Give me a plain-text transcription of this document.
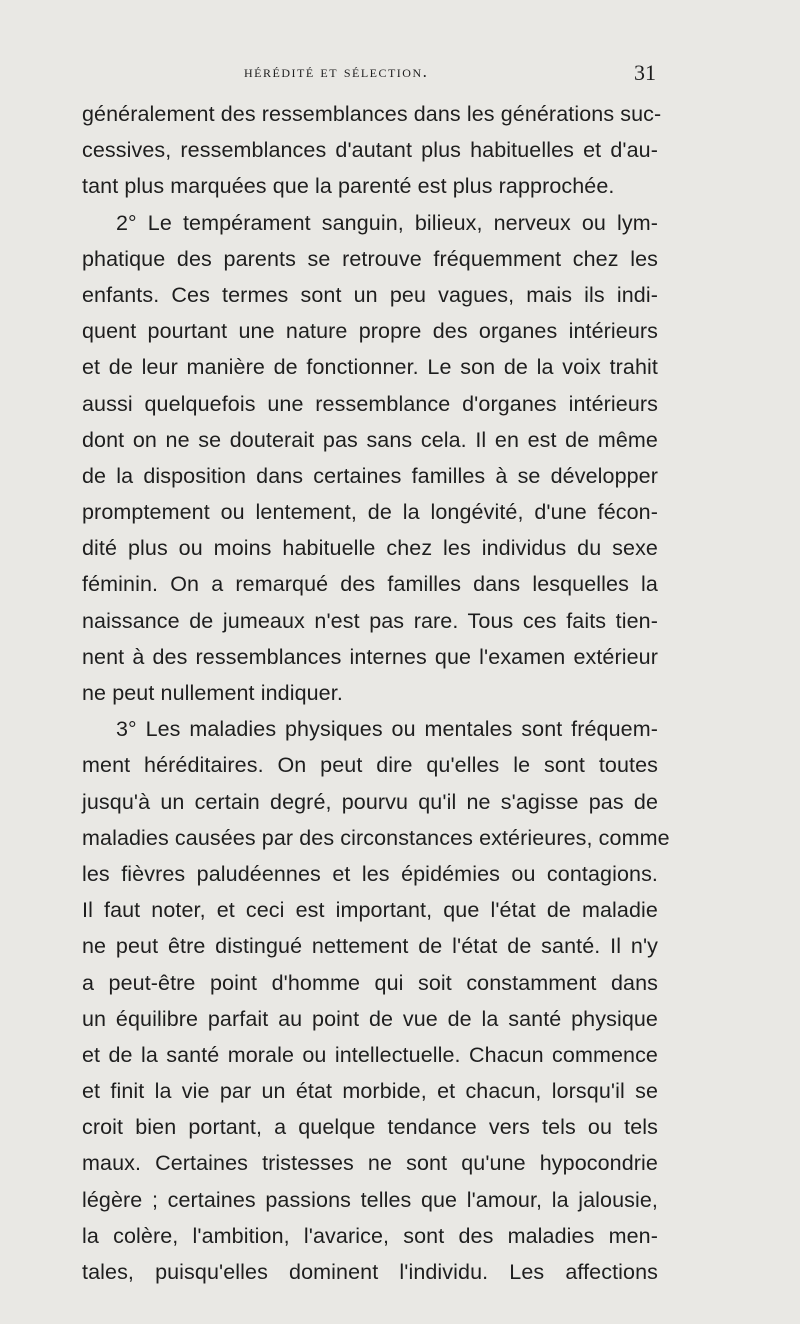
hérédité et sélection.	31
généralement des ressemblances dans les générations suc-
cessives, ressemblances d'autant plus habituelles et d'au-
tant plus marquées que la parenté est plus rapprochée.
2° Le tempérament sanguin, bilieux, nerveux ou lym-
phatique des parents se retrouve fréquemment chez les
enfants. Ces termes sont un peu vagues, mais ils indi-
quent pourtant une nature propre des organes intérieurs
et de leur manière de fonctionner. Le son de la voix trahit
aussi quelquefois une ressemblance d'organes intérieurs
dont on ne se douterait pas sans cela. Il en est de même
de la disposition dans certaines familles à se développer
promptement ou lentement, de la longévité, d'une fécon-
dité plus ou moins habituelle chez les individus du sexe
féminin. On a remarqué des familles dans lesquelles la
naissance de jumeaux n'est pas rare. Tous ces faits tien-
nent à des ressemblances internes que l'examen extérieur
ne peut nullement indiquer.
3° Les maladies physiques ou mentales sont fréquem-
ment héréditaires. On peut dire qu'elles le sont toutes
jusqu'à un certain degré, pourvu qu'il ne s'agisse pas de
maladies causées par des circonstances extérieures, comme
les fièvres paludéennes et les épidémies ou contagions.
Il faut noter, et ceci est important, que l'état de maladie
ne peut être distingué nettement de l'état de santé. Il n'y
a peut-être point d'homme qui soit constamment dans
un équilibre parfait au point de vue de la santé physique
et de la santé morale ou intellectuelle. Chacun commence
et finit la vie par un état morbide, et chacun, lorsqu'il se
croit bien portant, a quelque tendance vers tels ou tels
maux. Certaines tristesses ne sont qu'une hypocondrie
légère ; certaines passions telles que l'amour, la jalousie,
la colère, l'ambition, l'avarice, sont des maladies men-
tales, puisqu'elles dominent l'individu. Les affections
